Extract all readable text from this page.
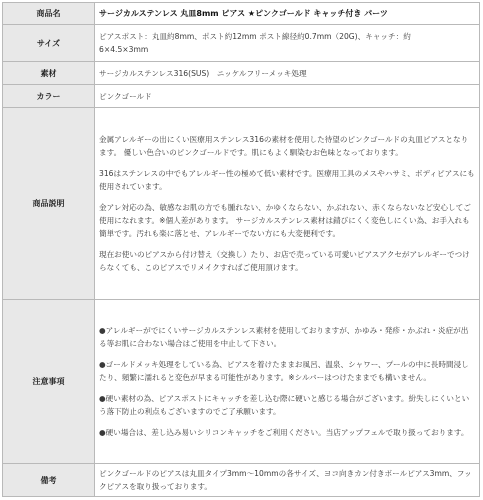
商品名	サージカルステンレス 丸皿8mm ピアス ★ピンクゴールド キャッチ付き パーツ
サイズ	ピアスポスト：丸皿約8mm、ポスト約12mm ポスト線径約0.7mm（20G)、キャッチ：約
6×4.5×3mm

素材	サージカルステンレス316(SUS)　ニッケルフリーメッキ処理
カラー	ピンクゴールド
商品説明	金属アレルギーの出にくい医療用ステンレス316の素材を使用した待望のピンクゴールドの丸皿ピアスとなります。 優しい色合いのピンクゴールドです。肌にもよく馴染むお色味となっております。
316はステンレスの中でもアレルギー性の極めて低い素材です。医療用工具のメスやハサミ、ボディピアスにも使用されています。
金アレ対応の為、敏感なお肌の方でも腫れない、かゆくならない、かぶれない、赤くならないなど安心してご使用になれます。※個人差があります。 サージカルステンレス素材は錆びにくく変色しにくい為、お手入れも簡単です。汚れも楽に落とせ、アレルギーでない方にも大変便利です。
現在お使いのピアスから付け替え（交換し）たり、お店で売っている可愛いピアスアクセがアレルギーでつけらなくても、このピアスでリメイクすればご使用頂けます。

注意事項	●アレルギーがでにくいサージカルステンレス素材を使用しておりますが、かゆみ・発疹・かぶれ・炎症が出る等お肌に合わない場合はご使用を中止して下さい。
●ゴールドメッキ処理をしている為、ピアスを着けたままお風呂、温泉、シャワー、プールの中に長時間浸したり、頻繁に濡れると変色が早まる可能性があります。※シルバーはつけたままでも構いません。
●硬い素材の為、ピアスポストにキャッチを差し込む際に硬いと感じる場合がございます。紛失しにくいという落下防止の利点もございますのでご了承願います。
●硬い場合は、差し込み易いシリコンキャッチをご利用ください。当店アップフェルで取り扱っております。

備考	ピンクゴールドのピアスは丸皿タイプ3mm〜10mmの各サイズ、ヨコ向きカン付きボールピアス3mm、フックピアスを取り扱っております。
